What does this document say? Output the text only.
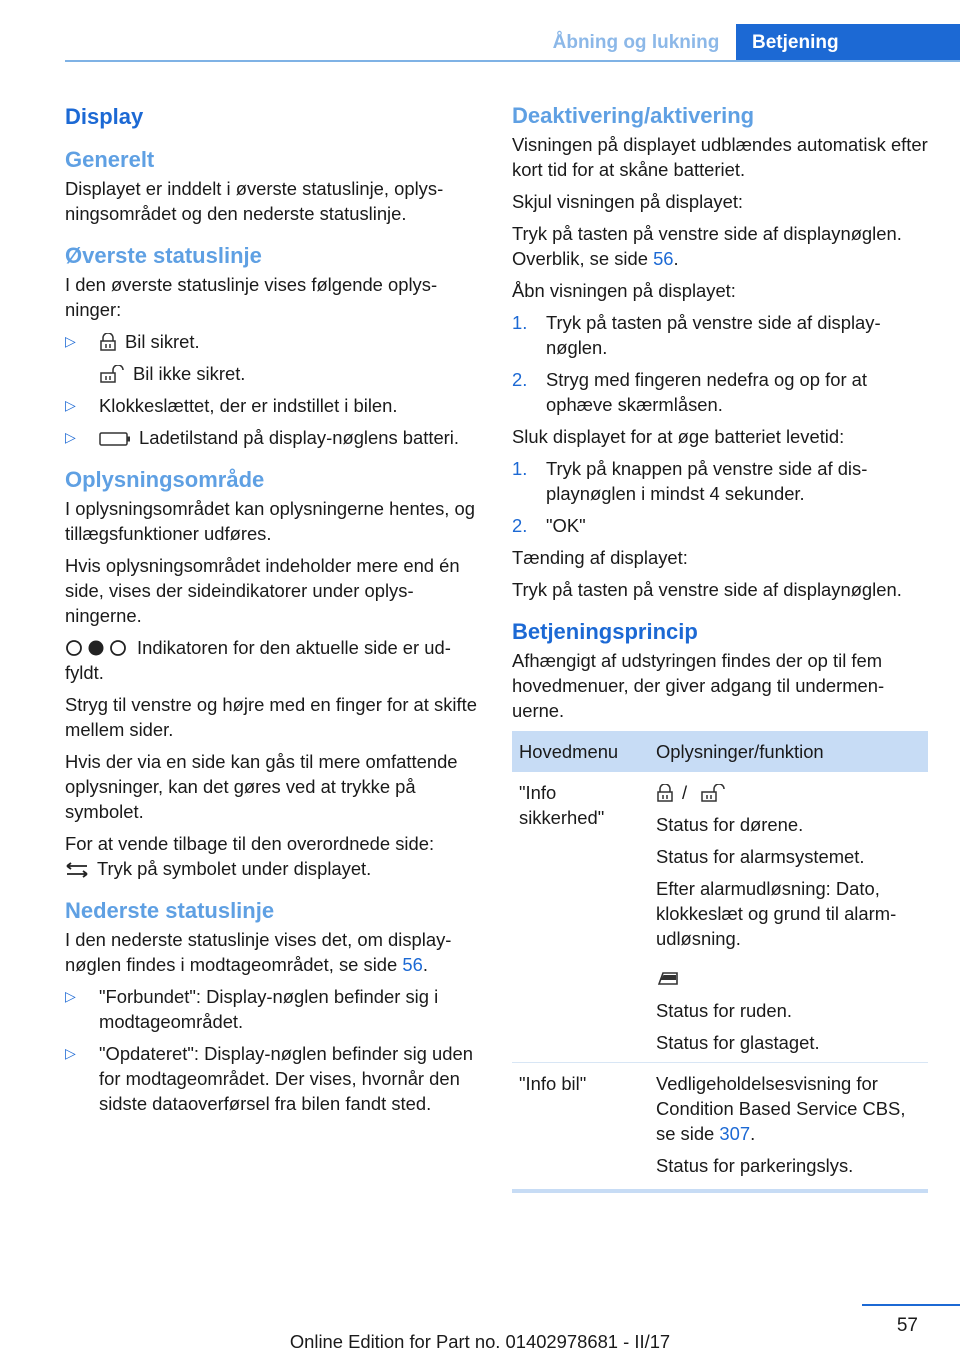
Åbning og lukning	Betjening
Display
Generelt

Displayet er inddelt i øverste statuslinje, oplysningsområdet og den nederste statuslinje.

Øverste statuslinje

I den øverste statuslinje vises følgende oplysninger:

▷	Bil sikret.
Bil ikke sikret.
▷ Klokkeslættet, der er indstillet i bilen.
▷	Ladetilstand på display-nøglens batteri.
Oplysningsområde

I oplysningsområdet kan oplysningerne hentes, og tillægsfunktioner udføres.

Hvis oplysningsområdet indeholder mere end én side, vises der sideindikatorer under oplysningerne.

Indikatoren for den aktuelle side er udfyldt.

Stryg til venstre og højre med en finger for at skifte mellem sider.

Hvis der via en side kan gås til mere omfattende oplysninger, kan det gøres ved at trykke på symbolet.

For at vende tilbage til den overordnede side:
Tryk på symbolet under displayet.

Nederste statuslinje

I den nederste statuslinje vises det, om display-nøglen findes i modtageområdet, se side 56.

▷ "Forbundet": Display-nøglen befinder sig i modtageområdet.
▷ "Opdateret": Display-nøglen befinder sig uden for modtageområdet. Der vises, hvornår den sidste dataoverførsel fra bilen fandt sted.
Deaktivering/aktivering

Visningen på displayet udblændes automatisk efter kort tid for at skåne batteriet.

Skjul visningen på displayet:

Tryk på tasten på venstre side af displaynøglen. Overblik, se side 56.

Åbn visningen på displayet:

1. Tryk på tasten på venstre side af displaynøglen.
2. Stryg med fingeren nedefra og op for at ophæve skærmlåsen.

Sluk displayet for at øge batteriet levetid:

1. Tryk på knappen på venstre side af displaynøglen i mindst 4 sekunder.
2. "OK"

Tænding af displayet:

Tryk på tasten på venstre side af displaynøglen.

Betjeningsprincip

Afhængigt af udstyringen findes der op til fem hovedmenuer, der giver adgang til undermenuerne.

Hovedmenu	Oplysninger/funktion
"Info sikkerhed"	/

Status for dørene.

Status for alarmsystemet.

Efter alarmudløsning: Dato, klokkeslæt og grund til alarmudløsning.

	Status for ruden.

Status for glastaget.

"Info bil"	Vedligeholdelsesvisning for Condition Based Service CBS, se side 307.

Status for parkeringslys.

57
Online Edition for Part no. 01402978681 - II/17
